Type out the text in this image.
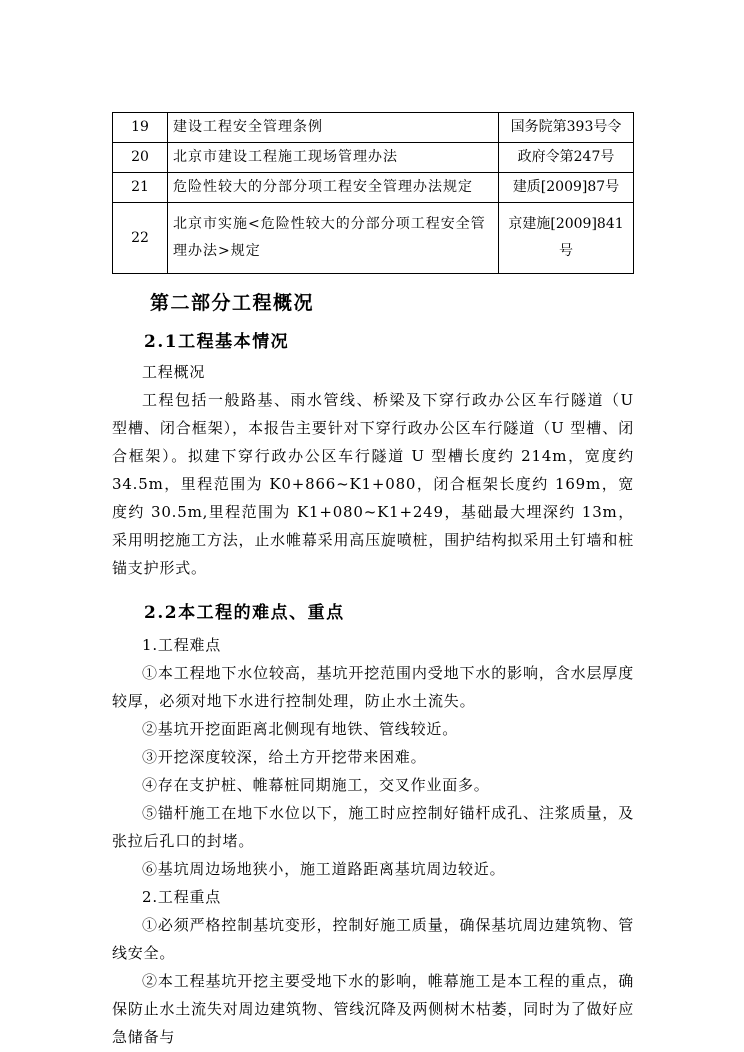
19	建设工程安全管理条例	国务院第393号令
20	北京市建设工程施工现场管理办法	政府令第247号
21	危险性较大的分部分项工程安全管理办法规定	建质[2009]87号
22	北京市实施<危险性较大的分部分项工程安全管理办法>规定	京建施[2009]841号
第二部分工程概况
2.1工程基本情况

工程概况

工程包括一般路基、雨水管线、桥梁及下穿行政办公区车行隧道（U 型槽、闭合框架），本报告主要针对下穿行政办公区车行隧道（U 型槽、闭合框架）。拟建下穿行政办公区车行隧道 U 型槽长度约 214m，宽度约 34.5m，里程范围为 K0+866~K1+080，闭合框架长度约 169m，宽度约 30.5m,里程范围为 K1+080~K1+249，基础最大埋深约 13m，采用明挖施工方法，止水帷幕采用高压旋喷桩，围护结构拟采用土钉墙和桩锚支护形式。

2.2本工程的难点、重点

1.工程难点

①本工程地下水位较高，基坑开挖范围内受地下水的影响，含水层厚度较厚，必须对地下水进行控制处理，防止水土流失。

②基坑开挖面距离北侧现有地铁、管线较近。

③开挖深度较深，给土方开挖带来困难。

④存在支护桩、帷幕桩同期施工，交叉作业面多。

⑤锚杆施工在地下水位以下，施工时应控制好锚杆成孔、注浆质量，及张拉后孔口的封堵。

⑥基坑周边场地狭小，施工道路距离基坑周边较近。

2.工程重点

①必须严格控制基坑变形，控制好施工质量，确保基坑周边建筑物、管线安全。

②本工程基坑开挖主要受地下水的影响，帷幕施工是本工程的重点，确保防止水土流失对周边建筑物、管线沉降及两侧树木枯萎，同时为了做好应急储备与
